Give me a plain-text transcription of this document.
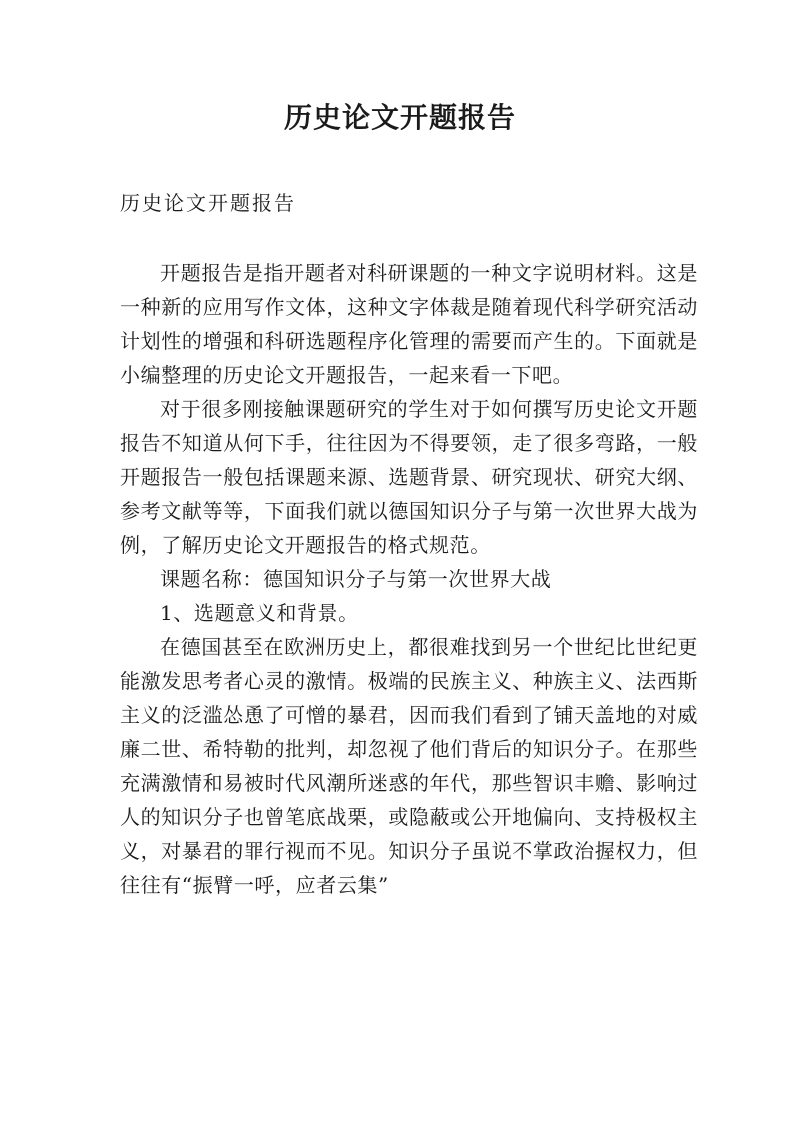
历史论文开题报告

历史论文开题报告

开题报告是指开题者对科研课题的一种文字说明材料。这是一种新的应用写作文体，这种文字体裁是随着现代科学研究活动计划性的增强和科研选题程序化管理的需要而产生的。下面就是小编整理的历史论文开题报告，一起来看一下吧。

对于很多刚接触课题研究的学生对于如何撰写历史论文开题报告不知道从何下手，往往因为不得要领，走了很多弯路，一般开题报告一般包括课题来源、选题背景、研究现状、研究大纲、参考文献等等，下面我们就以德国知识分子与第一次世界大战为例，了解历史论文开题报告的格式规范。

课题名称：德国知识分子与第一次世界大战

1、选题意义和背景。

在德国甚至在欧洲历史上，都很难找到另一个世纪比世纪更能激发思考者心灵的激情。极端的民族主义、种族主义、法西斯主义的泛滥怂恿了可憎的暴君，因而我们看到了铺天盖地的对威廉二世、希特勒的批判，却忽视了他们背后的知识分子。在那些充满激情和易被时代风潮所迷惑的年代，那些智识丰赡、影响过人的知识分子也曾笔底战栗，或隐蔽或公开地偏向、支持极权主义，对暴君的罪行视而不见。知识分子虽说不掌政治握权力，但往往有“振臂一呼，应者云集”
